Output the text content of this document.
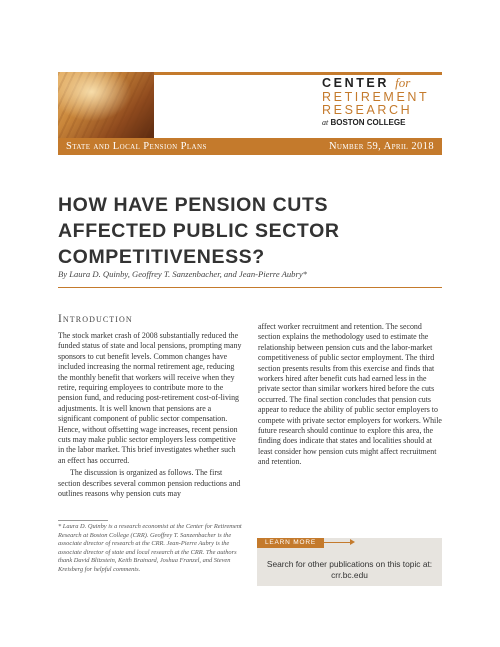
CENTER for
RETIREMENT
RESEARCH
at BOSTON COLLEGE
State and Local Pension Plans	Number 59, April 2018
HOW HAVE PENSION CUTS AFFECTED PUBLIC SECTOR COMPETITIVENESS?
By Laura D. Quinby, Geoffrey T. Sanzenbacher, and Jean-Pierre Aubry*
Introduction

The stock market crash of 2008 substantially reduced the funded status of state and local pensions, prompting many sponsors to cut benefit levels. Common changes have included increasing the normal retirement age, reducing the monthly benefit that workers will receive when they retire, requiring employees to contribute more to the pension fund, and reducing post-retirement cost-of-living adjustments. It is well known that pensions are a significant component of public sector compensation. Hence, without offsetting wage increases, recent pension cuts may make public sector employers less competitive in the labor market. This brief investigates whether such an effect has occurred.

The discussion is organized as follows. The first section describes several common pension reductions and outlines reasons why pension cuts may

affect worker recruitment and retention. The second section explains the methodology used to estimate the relationship between pension cuts and the labor-market competitiveness of public sector employment. The third section presents results from this exercise and finds that workers hired after benefit cuts had earned less in the private sector than similar workers hired before the cuts occurred. The final section concludes that pension cuts appear to reduce the ability of public sector employers to compete with private sector employers for workers. While future research should continue to explore this area, the finding does indicate that states and localities should at least consider how pension cuts might affect recruitment and retention.

* Laura D. Quinby is a research economist at the Center for Retirement Research at Boston College (CRR). Geoffrey T. Sanzenbacher is the associate director of research at the CRR. Jean-Pierre Aubry is the associate director of state and local research at the CRR. The authors thank David Blitzstein, Keith Brainard, Joshua Franzel, and Steven Kreisberg for helpful comments.
LEARN MORE
Search for other publications on this topic at: crr.bc.edu
